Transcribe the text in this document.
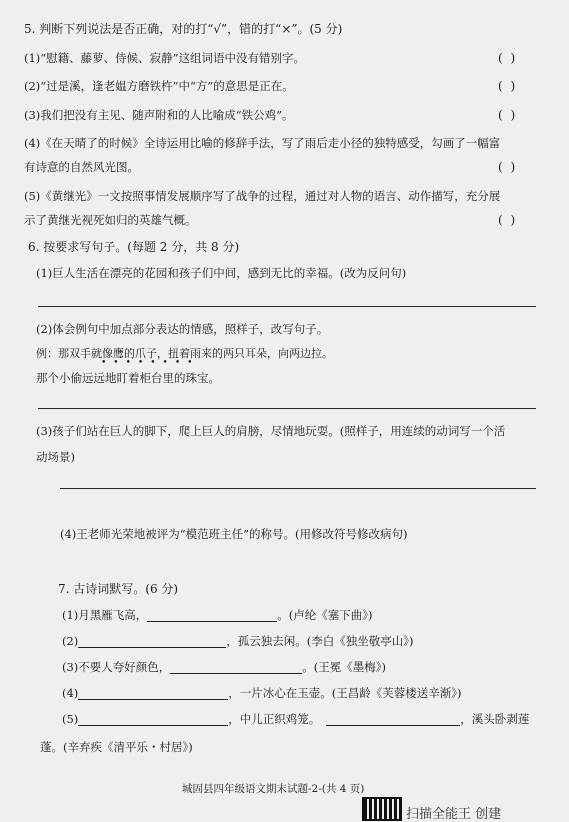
5. 判断下列说法是否正确，对的打“√”，错的打“×”。(5 分)
(1)“慰籍、藤萝、侍候、寂静”这组词语中没有错别字。	( )
(2)“过是溪，逢老媪方磨铁杵”中“方”的意思是正在。	( )
(3)我们把没有主见、随声附和的人比喻成“铁公鸡”。	( )
(4)《在天晴了的时候》全诗运用比喻的修辞手法，写了雨后走小径的独特感受，勾画了一幅富
有诗意的自然风光图。	( )
(5)《黄继光》一文按照事情发展顺序写了战争的过程，通过对人物的语言、动作描写，充分展
示了黄继光视死如归的英雄气概。	( )
6. 按要求写句子。(每题 2 分，共 8 分)
(1)巨人生活在漂亮的花园和孩子们中间，感到无比的幸福。(改为反问句)
(2)体会例句中加点部分表达的情感，照样子，改写句子。
例：那双手就像鹰的爪子，扭着雨来的两只耳朵，向两边拉。
••••••••
那个小偷远远地盯着柜台里的珠宝。
(3)孩子们站在巨人的脚下，爬上巨人的肩膀，尽情地玩耍。(照样子，用连续的动词写一个活
动场景)
(4)王老师光荣地被评为“模范班主任”的称号。(用修改符号修改病句)
7. 古诗词默写。(6 分)
(1)月黑雁飞高，	。(卢纶《塞下曲》)
(2)	，孤云独去闲。(李白《独坐敬亭山》)
(3)不要人夸好颜色，	。(王冕《墨梅》)
(4)	，一片冰心在玉壶。(王昌龄《芙蓉楼送辛渐》)
(5)	，中儿正织鸡笼。	，溪头卧剥莲
蓬。(辛弃疾《清平乐・村居》)
城固县四年级语文期末试题-2-(共 4 页)
扫描全能王 创建
